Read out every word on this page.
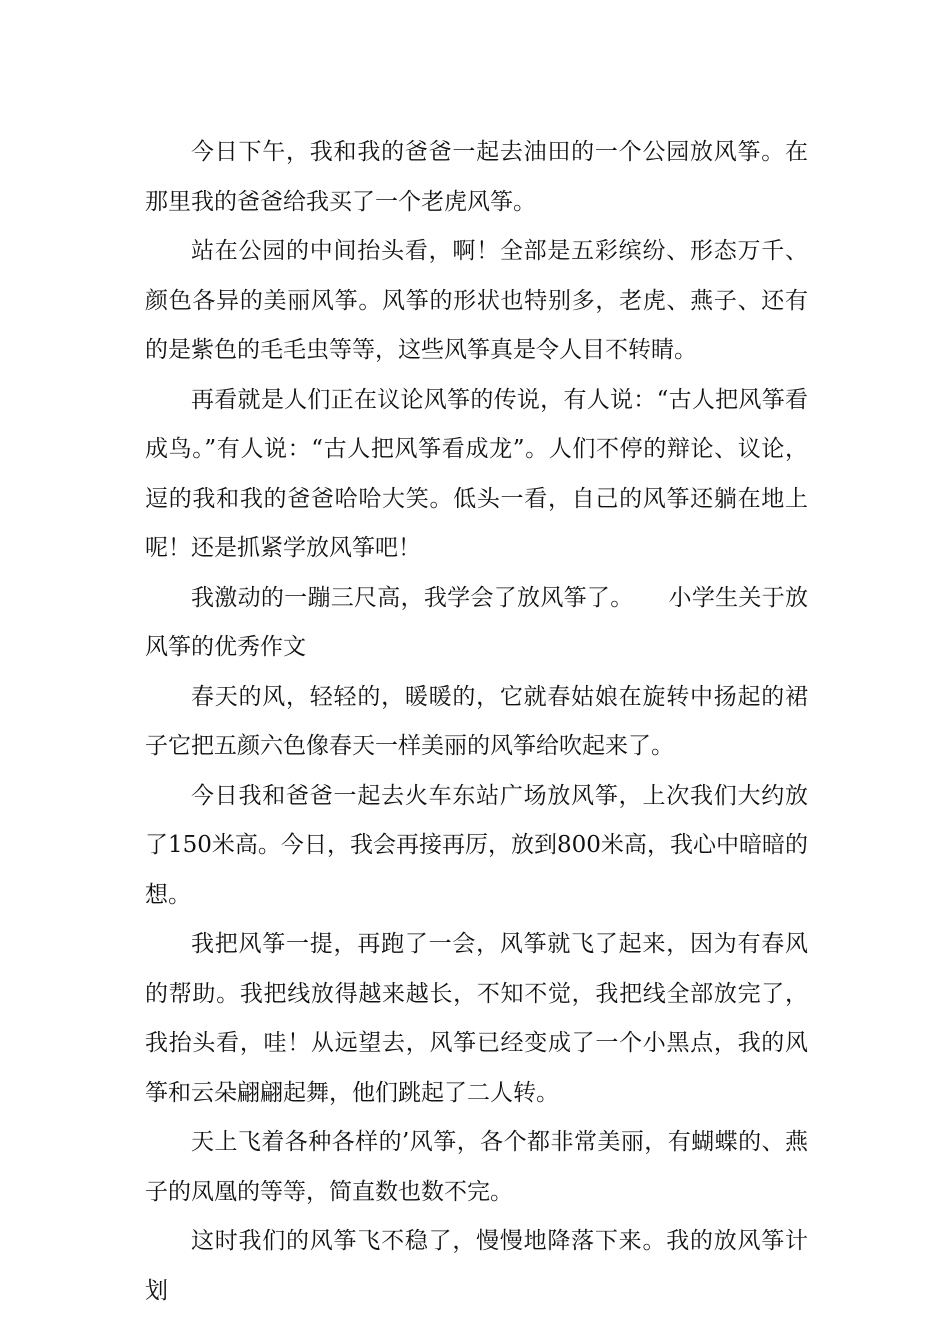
今日下午，我和我的爸爸一起去油田的一个公园放风筝。在那里我的爸爸给我买了一个老虎风筝。

站在公园的中间抬头看，啊！全部是五彩缤纷、形态万千、颜色各异的美丽风筝。风筝的形状也特别多，老虎、燕子、还有的是紫色的毛毛虫等等，这些风筝真是令人目不转睛。

再看就是人们正在议论风筝的传说，有人说：“古人把风筝看成鸟。”有人说：“古人把风筝看成龙”。人们不停的辩论、议论，逗的我和我的爸爸哈哈大笑。低头一看，自己的风筝还躺在地上呢！还是抓紧学放风筝吧！

我激动的一蹦三尺高，我学会了放风筝了。　　小学生关于放风筝的优秀作文

春天的风，轻轻的，暖暖的，它就春姑娘在旋转中扬起的裙子它把五颜六色像春天一样美丽的风筝给吹起来了。

今日我和爸爸一起去火车东站广场放风筝，上次我们大约放了150米高。今日，我会再接再厉，放到800米高，我心中暗暗的想。

我把风筝一提，再跑了一会，风筝就飞了起来，因为有春风的帮助。我把线放得越来越长，不知不觉，我把线全部放完了，我抬头看，哇！从远望去，风筝已经变成了一个小黑点，我的风筝和云朵翩翩起舞，他们跳起了二人转。

天上飞着各种各样的’风筝，各个都非常美丽，有蝴蝶的、燕子的凤凰的等等，简直数也数不完。

这时我们的风筝飞不稳了，慢慢地降落下来。我的放风筝计划
